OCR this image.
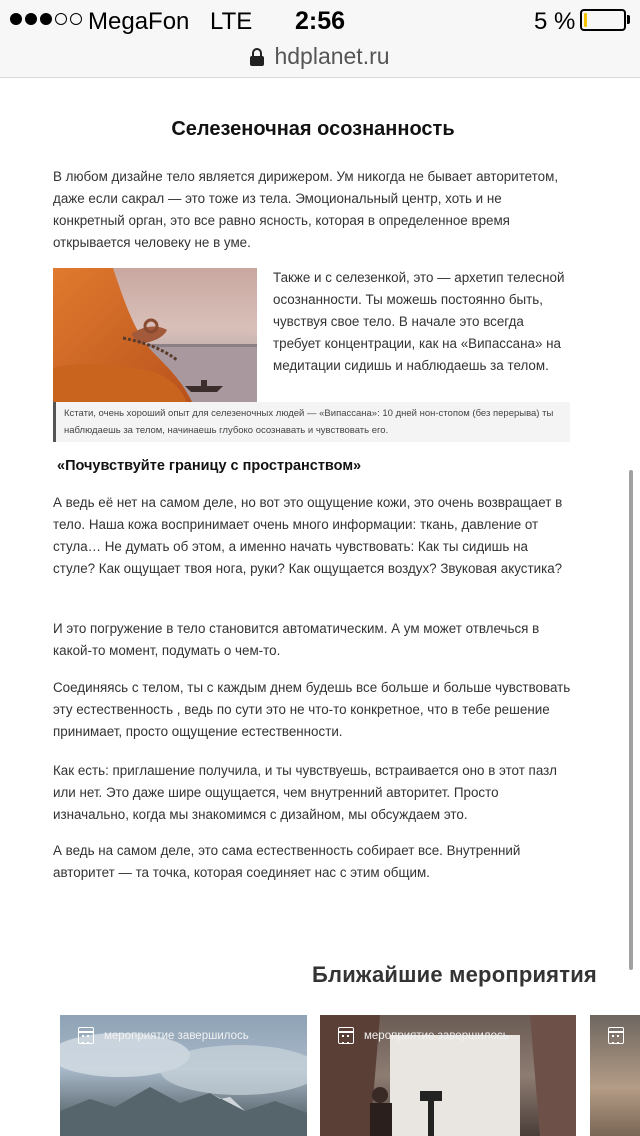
MegaFon LTE	2:56	5 %
hdplanet.ru
Селезеночная осознанность

В любом дизайне тело является дирижером. Ум никогда не бывает авторитетом, даже если сакрал — это тоже из тела. Эмоциональный центр, хоть и не конкретный орган, это все равно ясность, которая в определенное время открывается человеку не в уме.

Также и с селезенкой, это — архетип телесной осознанности. Ты можешь постоянно быть, чувствуя свое тело. В начале это всегда требует концентрации, как на «Випассана» на медитации сидишь и наблюдаешь за телом.

Кстати, очень хороший опыт для селезеночных людей — «Випассана»: 10 дней нон-стопом (без перерыва) ты наблюдаешь за телом, начинаешь глубоко осознавать и чувствовать его.
«Почувствуйте границу с пространством»

А ведь её нет на самом деле, но вот это ощущение кожи, это очень возвращает в тело. Наша кожа воспринимает очень много информации: ткань, давление от стула… Не думать об этом, а именно начать чувствовать: Как ты сидишь на стуле? Как ощущает твоя нога, руки? Как ощущается воздух? Звуковая акустика?

И это погружение в тело становится автоматическим. А ум может отвлечься в какой-то момент, подумать о чем-то.

Соединяясь с телом, ты с каждым днем будешь все больше и больше чувствовать эту естественность , ведь по сути это не что-то конкретное, что в тебе решение принимает, просто ощущение естественности.

Как есть: приглашение получила, и ты чувствуешь, встраивается оно в этот пазл или нет. Это даже шире ощущается, чем внутренний авторитет. Просто изначально, когда мы знакомимся с дизайном, мы обсуждаем это.

А ведь на самом деле, это сама естественность собирает все. Внутренний авторитет — та точка, которая соединяет нас с этим общим.

Ближайшие мероприятия
мероприятие завершилось	мероприятие завершилось
